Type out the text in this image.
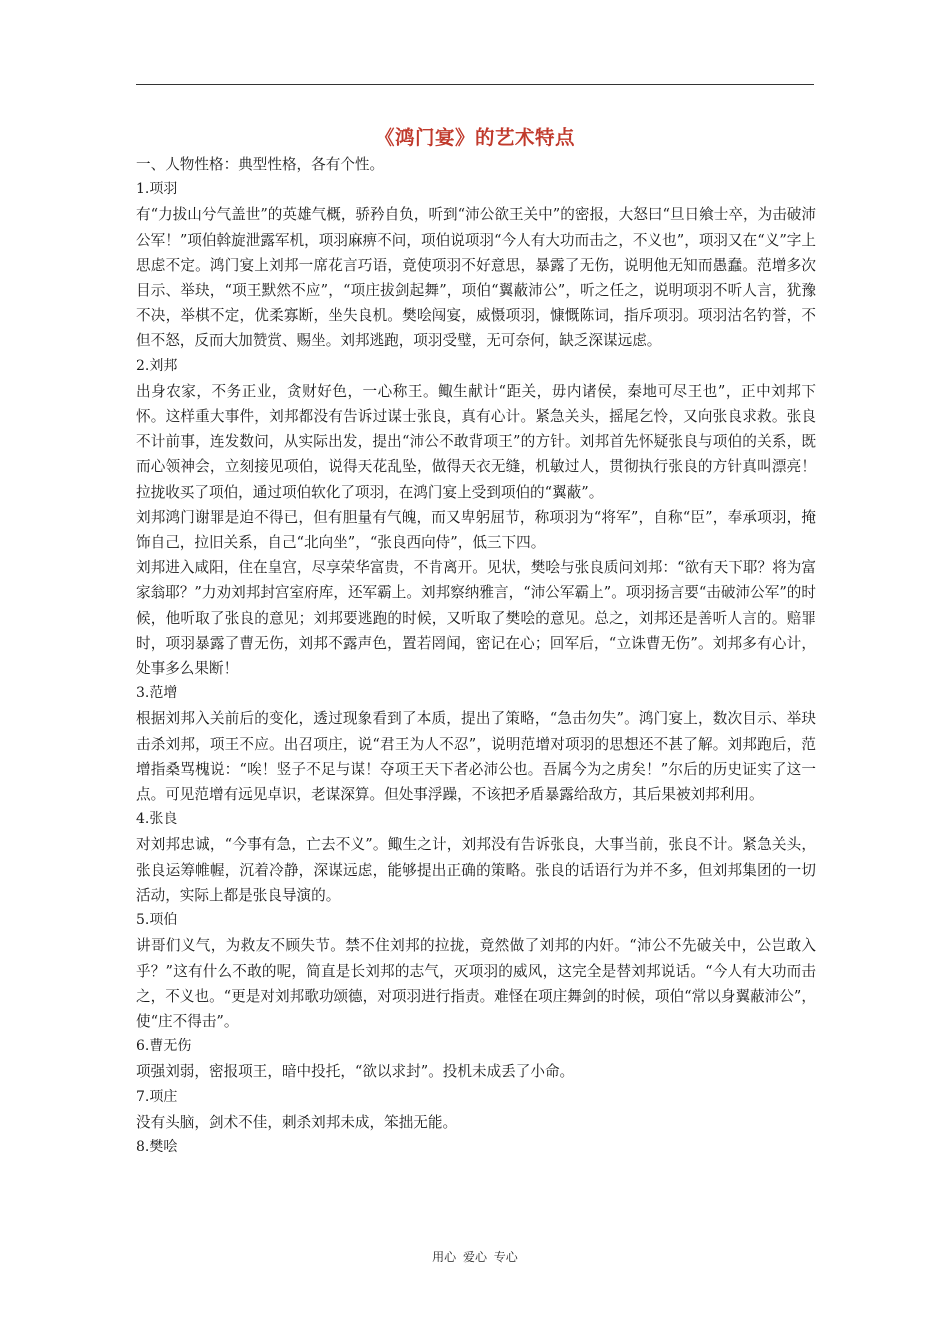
《鸿门宴》的艺术特点

一、人物性格：典型性格，各有个性。

1.项羽

有“力拔山兮气盖世”的英雄气概，骄矜自负，听到“沛公欲王关中”的密报，大怒曰“旦日飨士卒，为击破沛公军！”项伯斡旋泄露军机，项羽麻痹不问，项伯说项羽“今人有大功而击之，不义也”，项羽又在“义”字上思虑不定。鸿门宴上刘邦一席花言巧语，竟使项羽不好意思，暴露了无伤，说明他无知而愚蠢。范增多次目示、举玦，“项王默然不应”，“项庄拔剑起舞”，项伯“翼蔽沛公”，听之任之，说明项羽不听人言，犹豫不决，举棋不定，优柔寡断，坐失良机。樊哙闯宴，威慑项羽，慷慨陈词，指斥项羽。项羽沽名钓誉，不但不怒，反而大加赞赏、赐坐。刘邦逃跑，项羽受璧，无可奈何，缺乏深谋远虑。

2.刘邦

出身农家，不务正业，贪财好色，一心称王。鲰生献计“距关，毋内诸侯，秦地可尽王也”，正中刘邦下怀。这样重大事件，刘邦都没有告诉过谋士张良，真有心计。紧急关头，摇尾乞怜，又向张良求救。张良不计前事，连发数问，从实际出发，提出“沛公不敢背项王”的方针。刘邦首先怀疑张良与项伯的关系，既而心领神会，立刻接见项伯，说得天花乱坠，做得天衣无缝，机敏过人，贯彻执行张良的方针真叫漂亮！拉拢收买了项伯，通过项伯软化了项羽，在鸿门宴上受到项伯的“翼蔽”。

刘邦鸿门谢罪是迫不得已，但有胆量有气魄，而又卑躬屈节，称项羽为“将军”，自称“臣”，奉承项羽，掩饰自己，拉旧关系，自己“北向坐”，“张良西向侍”，低三下四。

刘邦进入咸阳，住在皇宫，尽享荣华富贵，不肯离开。见状，樊哙与张良质问刘邦：“欲有天下耶？将为富家翁耶？”力劝刘邦封宫室府库，还军霸上。刘邦察纳雅言，“沛公军霸上”。项羽扬言要“击破沛公军”的时候，他听取了张良的意见；刘邦要逃跑的时候，又听取了樊哙的意见。总之，刘邦还是善听人言的。赔罪时，项羽暴露了曹无伤，刘邦不露声色，置若罔闻，密记在心；回军后，“立诛曹无伤”。刘邦多有心计，处事多么果断！

3.范增

根据刘邦入关前后的变化，透过现象看到了本质，提出了策略，“急击勿失”。鸿门宴上，数次目示、举玦击杀刘邦，项王不应。出召项庄，说“君王为人不忍”，说明范增对项羽的思想还不甚了解。刘邦跑后，范增指桑骂槐说：“唉！竖子不足与谋！夺项王天下者必沛公也。吾属今为之虏矣！”尔后的历史证实了这一点。可见范增有远见卓识，老谋深算。但处事浮躁，不该把矛盾暴露给敌方，其后果被刘邦利用。

4.张良

对刘邦忠诚，“今事有急，亡去不义”。鲰生之计，刘邦没有告诉张良，大事当前，张良不计。紧急关头，张良运筹帷幄，沉着冷静，深谋远虑，能够提出正确的策略。张良的话语行为并不多，但刘邦集团的一切活动，实际上都是张良导演的。

5.项伯

讲哥们义气，为救友不顾失节。禁不住刘邦的拉拢，竟然做了刘邦的内奸。“沛公不先破关中，公岂敢入乎？”这有什么不敢的呢，简直是长刘邦的志气，灭项羽的威风，这完全是替刘邦说话。“今人有大功而击之，不义也。“更是对刘邦歌功颂德，对项羽进行指责。难怪在项庄舞剑的时候，项伯“常以身翼蔽沛公”，使“庄不得击”。

6.曹无伤

项强刘弱，密报项王，暗中投托，“欲以求封”。投机未成丢了小命。

7.项庄

没有头脑，剑术不佳，刺杀刘邦未成，笨拙无能。

8.樊哙

用心 爱心 专心
